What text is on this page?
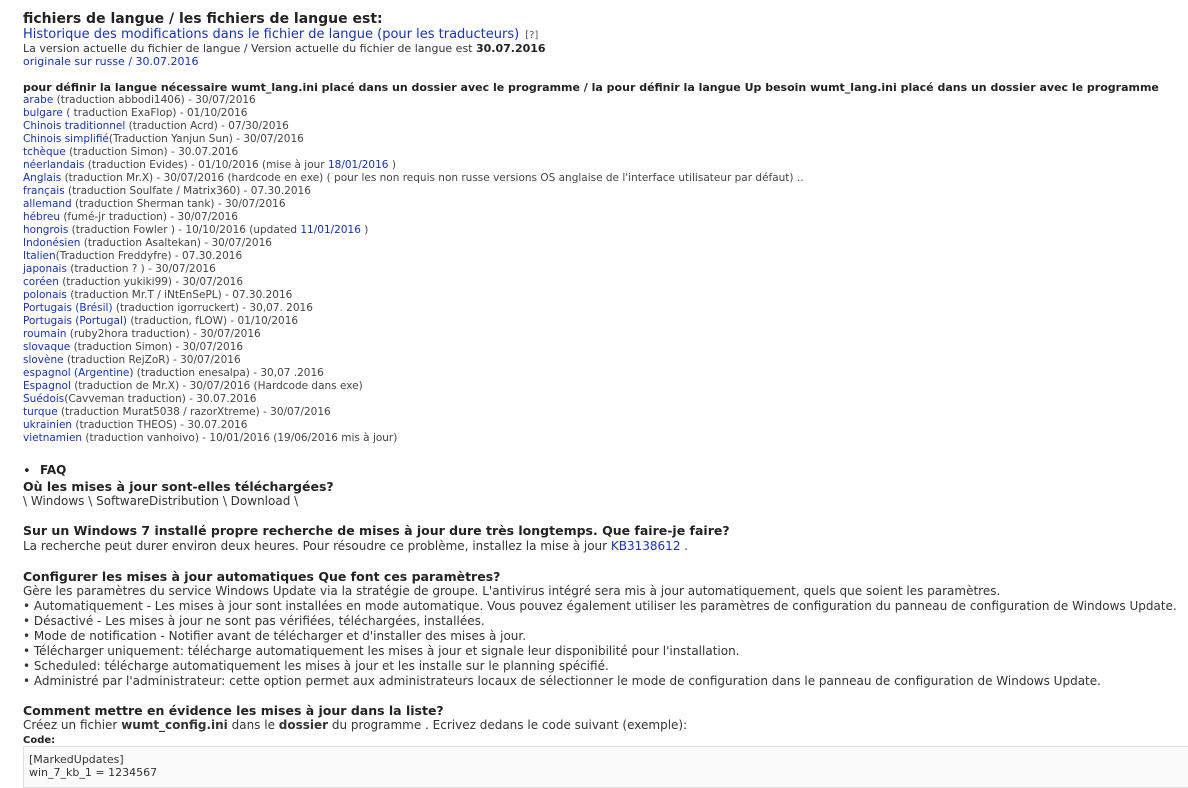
fichiers de langue / les fichiers de langue est:
Historique des modifications dans le fichier de langue (pour les traducteurs) [?]
La version actuelle du fichier de langue / Version actuelle du fichier de langue est 30.07.2016
originale sur russe / 30.07.2016
pour définir la langue nécessaire wumt_lang.ini placé dans un dossier avec le programme / la pour définir la langue Up besoin wumt_lang.ini placé dans un dossier avec le programme
arabe (traduction abbodi1406) - 30/07/2016
bulgare ( traduction ExaFlop) - 01/10/2016
Chinois traditionnel (traduction Acrd) - 07/30/2016
Chinois simplifié(Traduction Yanjun Sun) - 30/07/2016
tchèque (traduction Simon) - 30.07.2016
néerlandais (traduction Evides) - 01/10/2016 (mise à jour 18/01/2016 )
Anglais (traduction Mr.X) - 30/07/2016 (hardcode en exe) ( pour les non requis non russe versions OS anglaise de l'interface utilisateur par défaut) ..
français (traduction Soulfate / Matrix360) - 07.30.2016
allemand (traduction Sherman tank) - 30/07/2016
hébreu (fumé-jr traduction) - 30/07/2016
hongrois (traduction Fowler ) - 10/10/2016 (updated 11/01/2016 )
Indonésien (traduction Asaltekan) - 30/07/2016
Italien(Traduction Freddyfre) - 07.30.2016
japonais (traduction ? ) - 30/07/2016
coréen (traduction yukiki99) - 30/07/2016
polonais (traduction Mr.T / iNtEnSePL) - 07.30.2016
Portugais (Brésil) (traduction igorruckert) - 30,07. 2016
Portugais (Portugal) (traduction, fLOW) - 01/10/2016
roumain (ruby2hora traduction) - 30/07/2016
slovaque (traduction Simon) - 30/07/2016
slovène (traduction RejZoR) - 30/07/2016
espagnol (Argentine) (traduction enesalpa) - 30,07 .2016
Espagnol (traduction de Mr.X) - 30/07/2016 (Hardcode dans exe)
Suédois(Cavveman traduction) - 30.07.2016
turque (traduction Murat5038 / razorXtreme) - 30/07/2016
ukrainien (traduction THEOS) - 30.07.2016
vietnamien (traduction vanhoivo) - 10/01/2016 (19/06/2016 mis à jour)
• FAQ
Où les mises à jour sont-elles téléchargées?
\ Windows \ SoftwareDistribution \ Download \
Sur un Windows 7 installé propre recherche de mises à jour dure très longtemps. Que faire-je faire?
La recherche peut durer environ deux heures. Pour résoudre ce problème, installez la mise à jour KB3138612 .
Configurer les mises à jour automatiques Que font ces paramètres?
Gère les paramètres du service Windows Update via la stratégie de groupe. L'antivirus intégré sera mis à jour automatiquement, quels que soient les paramètres.
• Automatiquement - Les mises à jour sont installées en mode automatique. Vous pouvez également utiliser les paramètres de configuration du panneau de configuration de Windows Update.
• Désactivé - Les mises à jour ne sont pas vérifiées, téléchargées, installées.
• Mode de notification - Notifier avant de télécharger et d'installer des mises à jour.
• Télécharger uniquement: télécharge automatiquement les mises à jour et signale leur disponibilité pour l'installation.
• Scheduled: télécharge automatiquement les mises à jour et les installe sur le planning spécifié.
• Administré par l'administrateur: cette option permet aux administrateurs locaux de sélectionner le mode de configuration dans le panneau de configuration de Windows Update.
Comment mettre en évidence les mises à jour dans la liste?
Créez un fichier wumt_config.ini dans le dossier du programme . Ecrivez dedans le code suivant (exemple):
Code:
[MarkedUpdates]
win_7_kb_1 = 1234567
